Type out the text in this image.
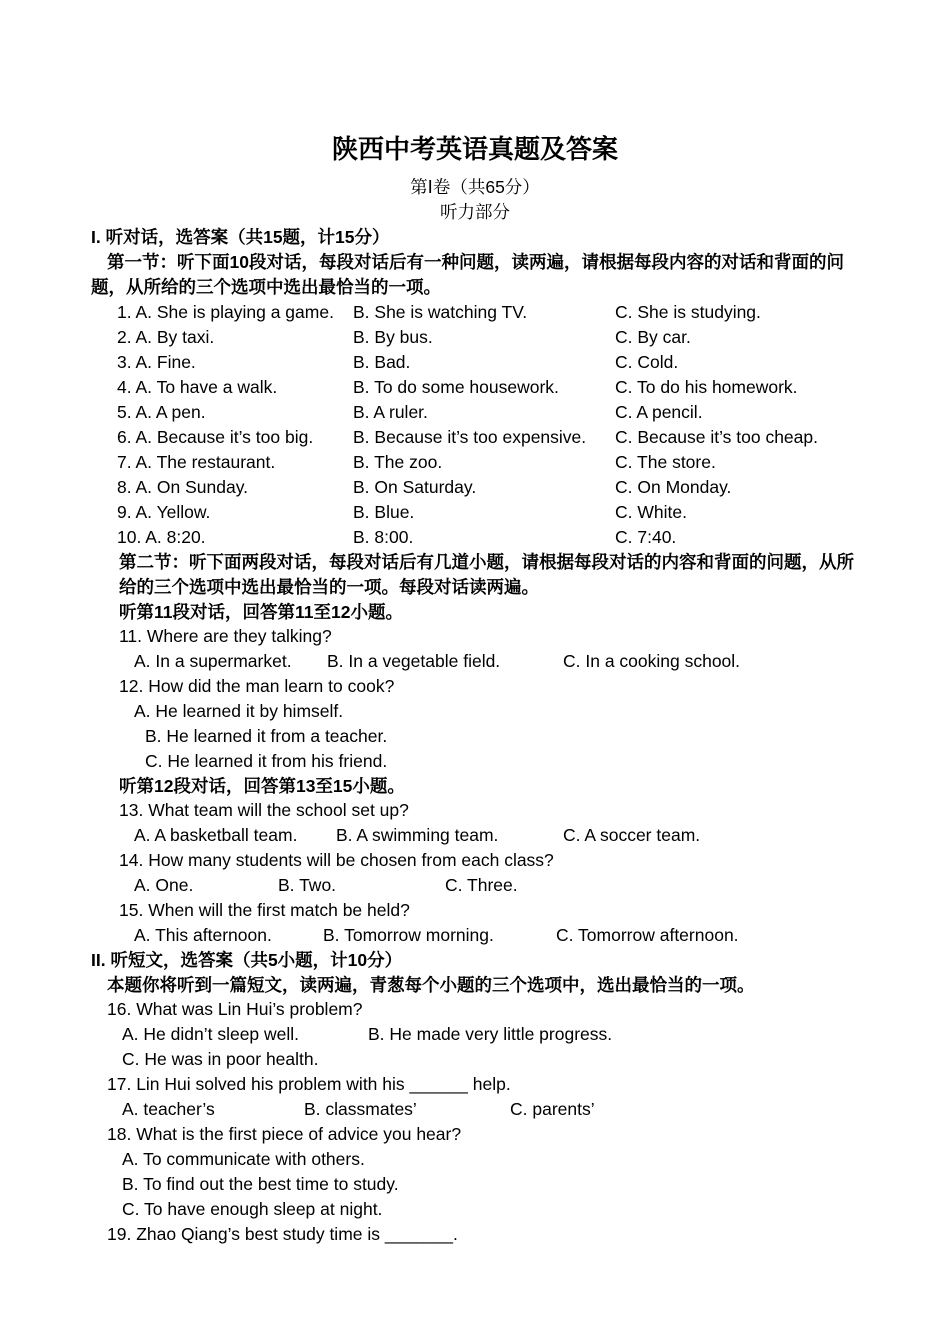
陕西中考英语真题及答案
第Ⅰ卷（共65分）
听力部分
I. 听对话，选答案（共15题，计15分）
第一节：听下面10段对话，每段对话后有一种问题，读两遍，请根据每段内容的对话和背面的问
题，从所给的三个选项中选出最恰当的一项。
1. A. She is playing a game. B. She is watching TV.	C. She is studying.
2. A. By taxi.	B. By bus.	C. By car.
3. A. Fine.	B. Bad.	C. Cold.
4. A. To have a walk.	B. To do some housework.	C. To do his homework.
5. A. A pen.	B. A ruler.	C. A pencil.
6. A. Because it’s too big. B. Because it’s too expensive. C. Because it’s too cheap.
7. A. The restaurant.	B. The zoo.	C. The store.
8. A. On Sunday.	B. On Saturday.	C. On Monday.
9. A. Yellow.	B. Blue.	C. White.
10. A. 8:20.	B. 8:00.	C. 7:40.
第二节：听下面两段对话，每段对话后有几道小题，请根据每段对话的内容和背面的问题，从所
给的三个选项中选出最恰当的一项。每段对话读两遍。
听第11段对话，回答第11至12小题。
11. Where are they talking?
A. In a supermarket. B. In a vegetable field.	C. In a cooking school.
12. How did the man learn to cook?
A. He learned it by himself.
B. He learned it from a teacher.
C. He learned it from his friend.
听第12段对话，回答第13至15小题。
13. What team will the school set up?
A. A basketball team. B. A swimming team.	C. A soccer team.
14. How many students will be chosen from each class?
A. One.	B. Two.	C. Three.
15. When will the first match be held?
A. This afternoon.	B. Tomorrow morning.	C. Tomorrow afternoon.
II. 听短文，选答案（共5小题，计10分）
本题你将听到一篇短文，读两遍，青葱每个小题的三个选项中，选出最恰当的一项。
16. What was Lin Hui’s problem?
A. He didn’t sleep well.	B. He made very little progress.
C. He was in poor health.
17. Lin Hui solved his problem with his ______ help.
A. teacher’s	B. classmates’	C. parents’
18. What is the first piece of advice you hear?
A. To communicate with others.
B. To find out the best time to study.
C. To have enough sleep at night.
19. Zhao Qiang’s best study time is _______.
